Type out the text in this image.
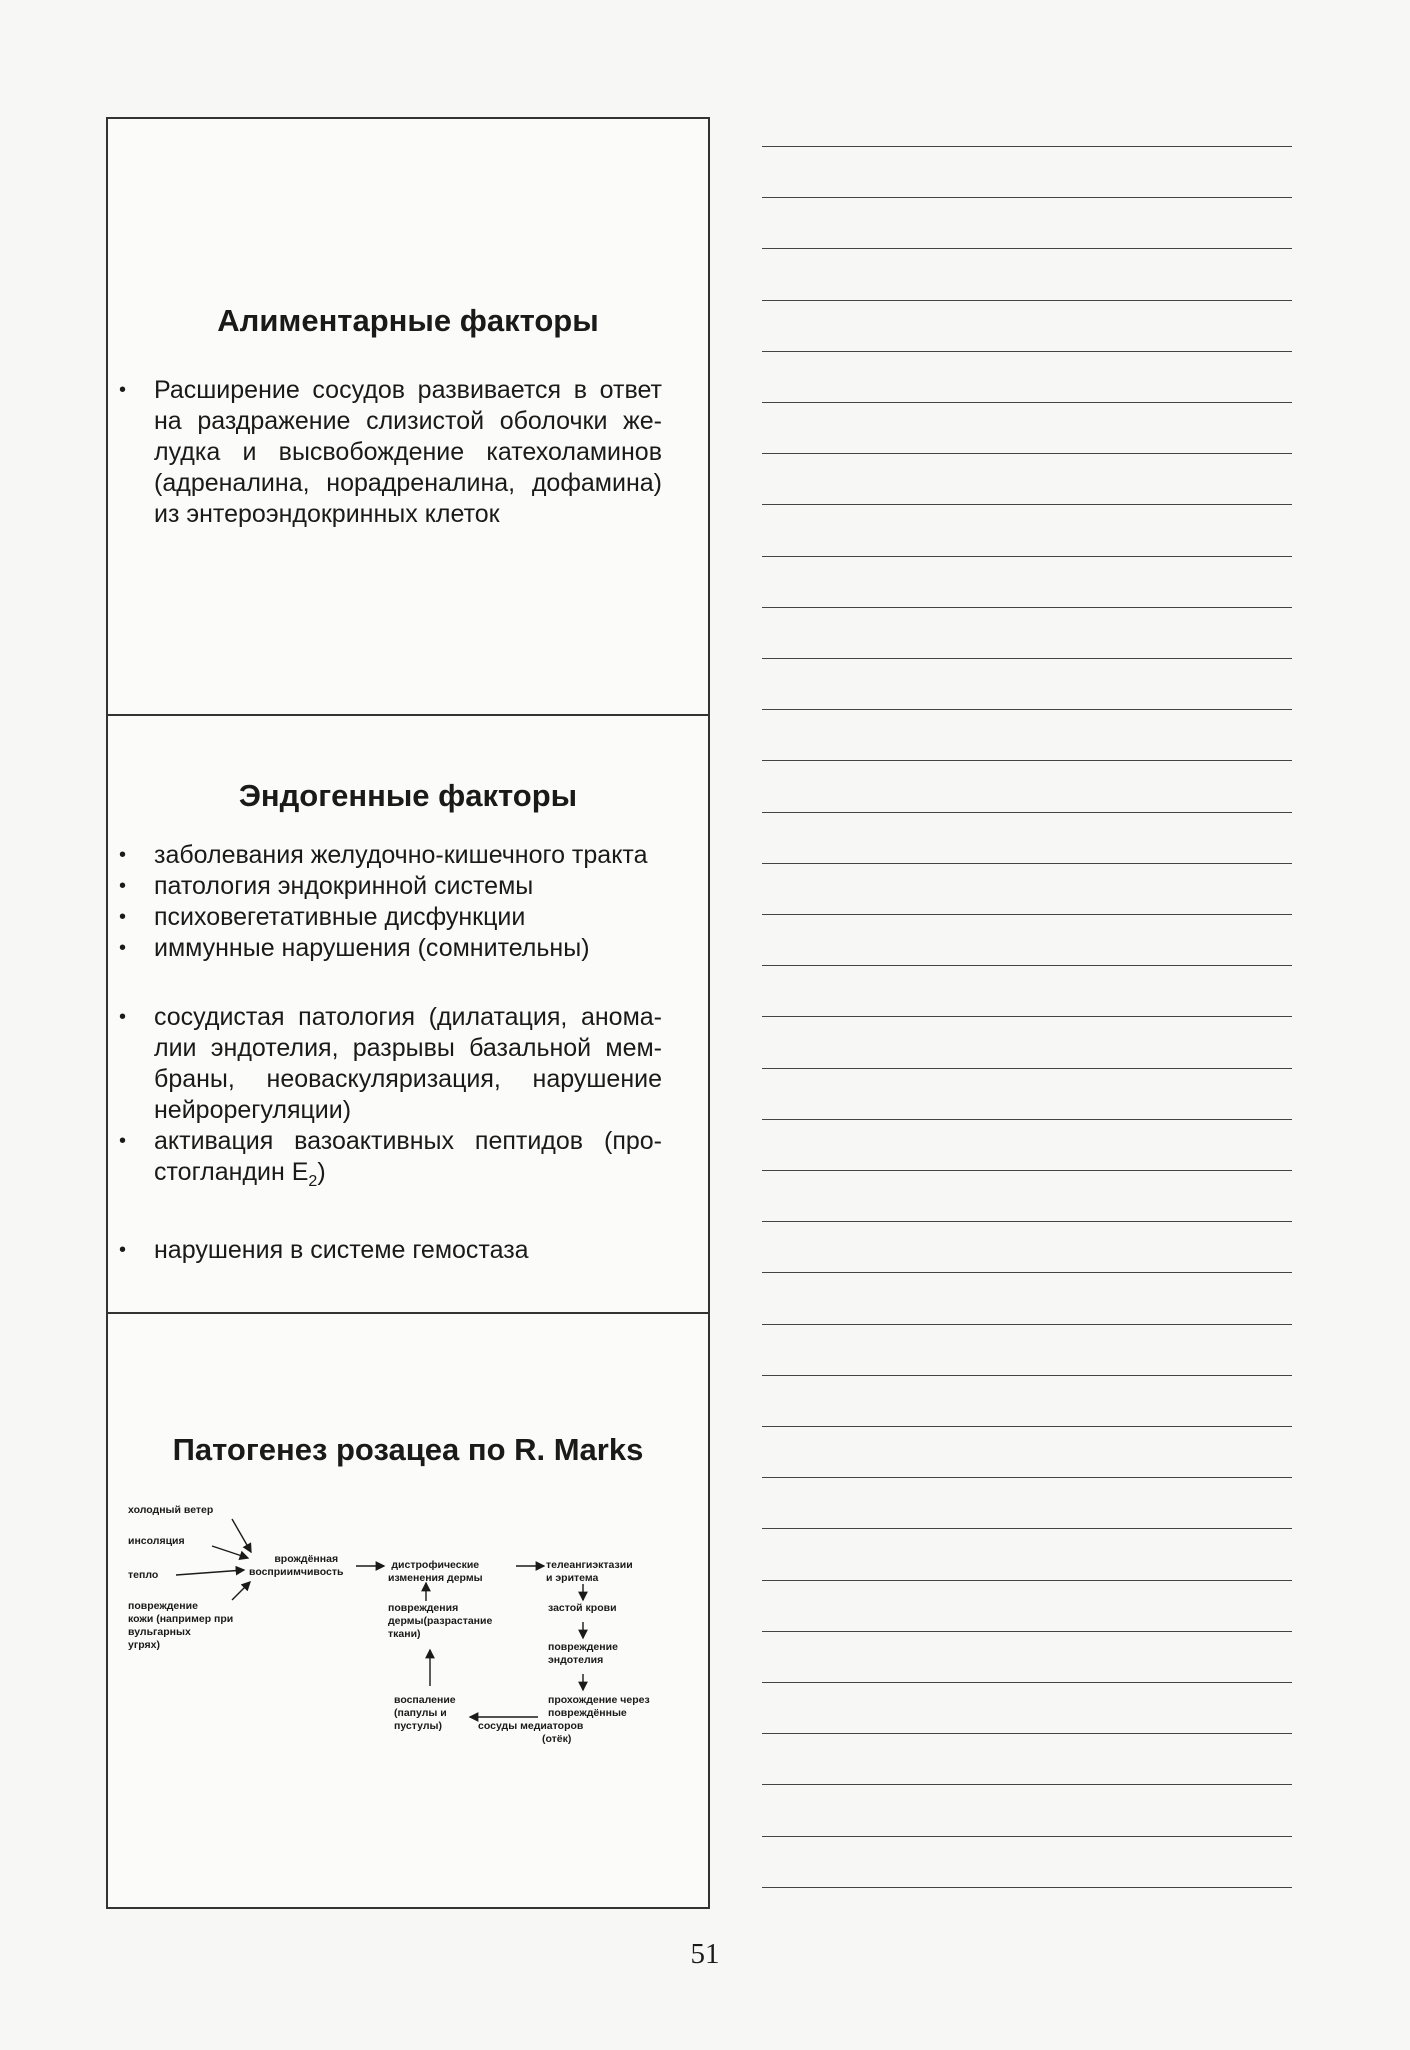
Алиментарные факторы
• Расширение сосудов развивается в ответ на раздражение слизистой оболочки желудка и высвобождение катехоламинов (адреналина, норадреналина, дофамина) из энтероэндокринных клеток
Эндогенные факторы
• заболевания желудочно-кишечного тракта
• патология эндокринной системы
• психовегетативные дисфункции
• иммунные нарушения (сомнительны)
• сосудистая патология (дилатация, аномалии эндотелия, разрывы базальной мембраны, неоваскуляризация, нарушение нейрорегуляции)
• активация вазоактивных пептидов (простогландин $E_2$)
• нарушения в системе гемостаза
Патогенез розацеа по R. Marks
холодный ветер
инсоляция
тепло
повреждение
кожи (например при
вульгарных
угрях)
врождённая
восприимчивость
дистрофические
изменения дермы
телеангиэктазии
и эритема
повреждения
дермы(разрастание
ткани)
застой крови
повреждение
эндотелия
воспаление
(папулы и
пустулы)
прохождение через
повреждённые
сосуды медиаторов
(отёк)
51
